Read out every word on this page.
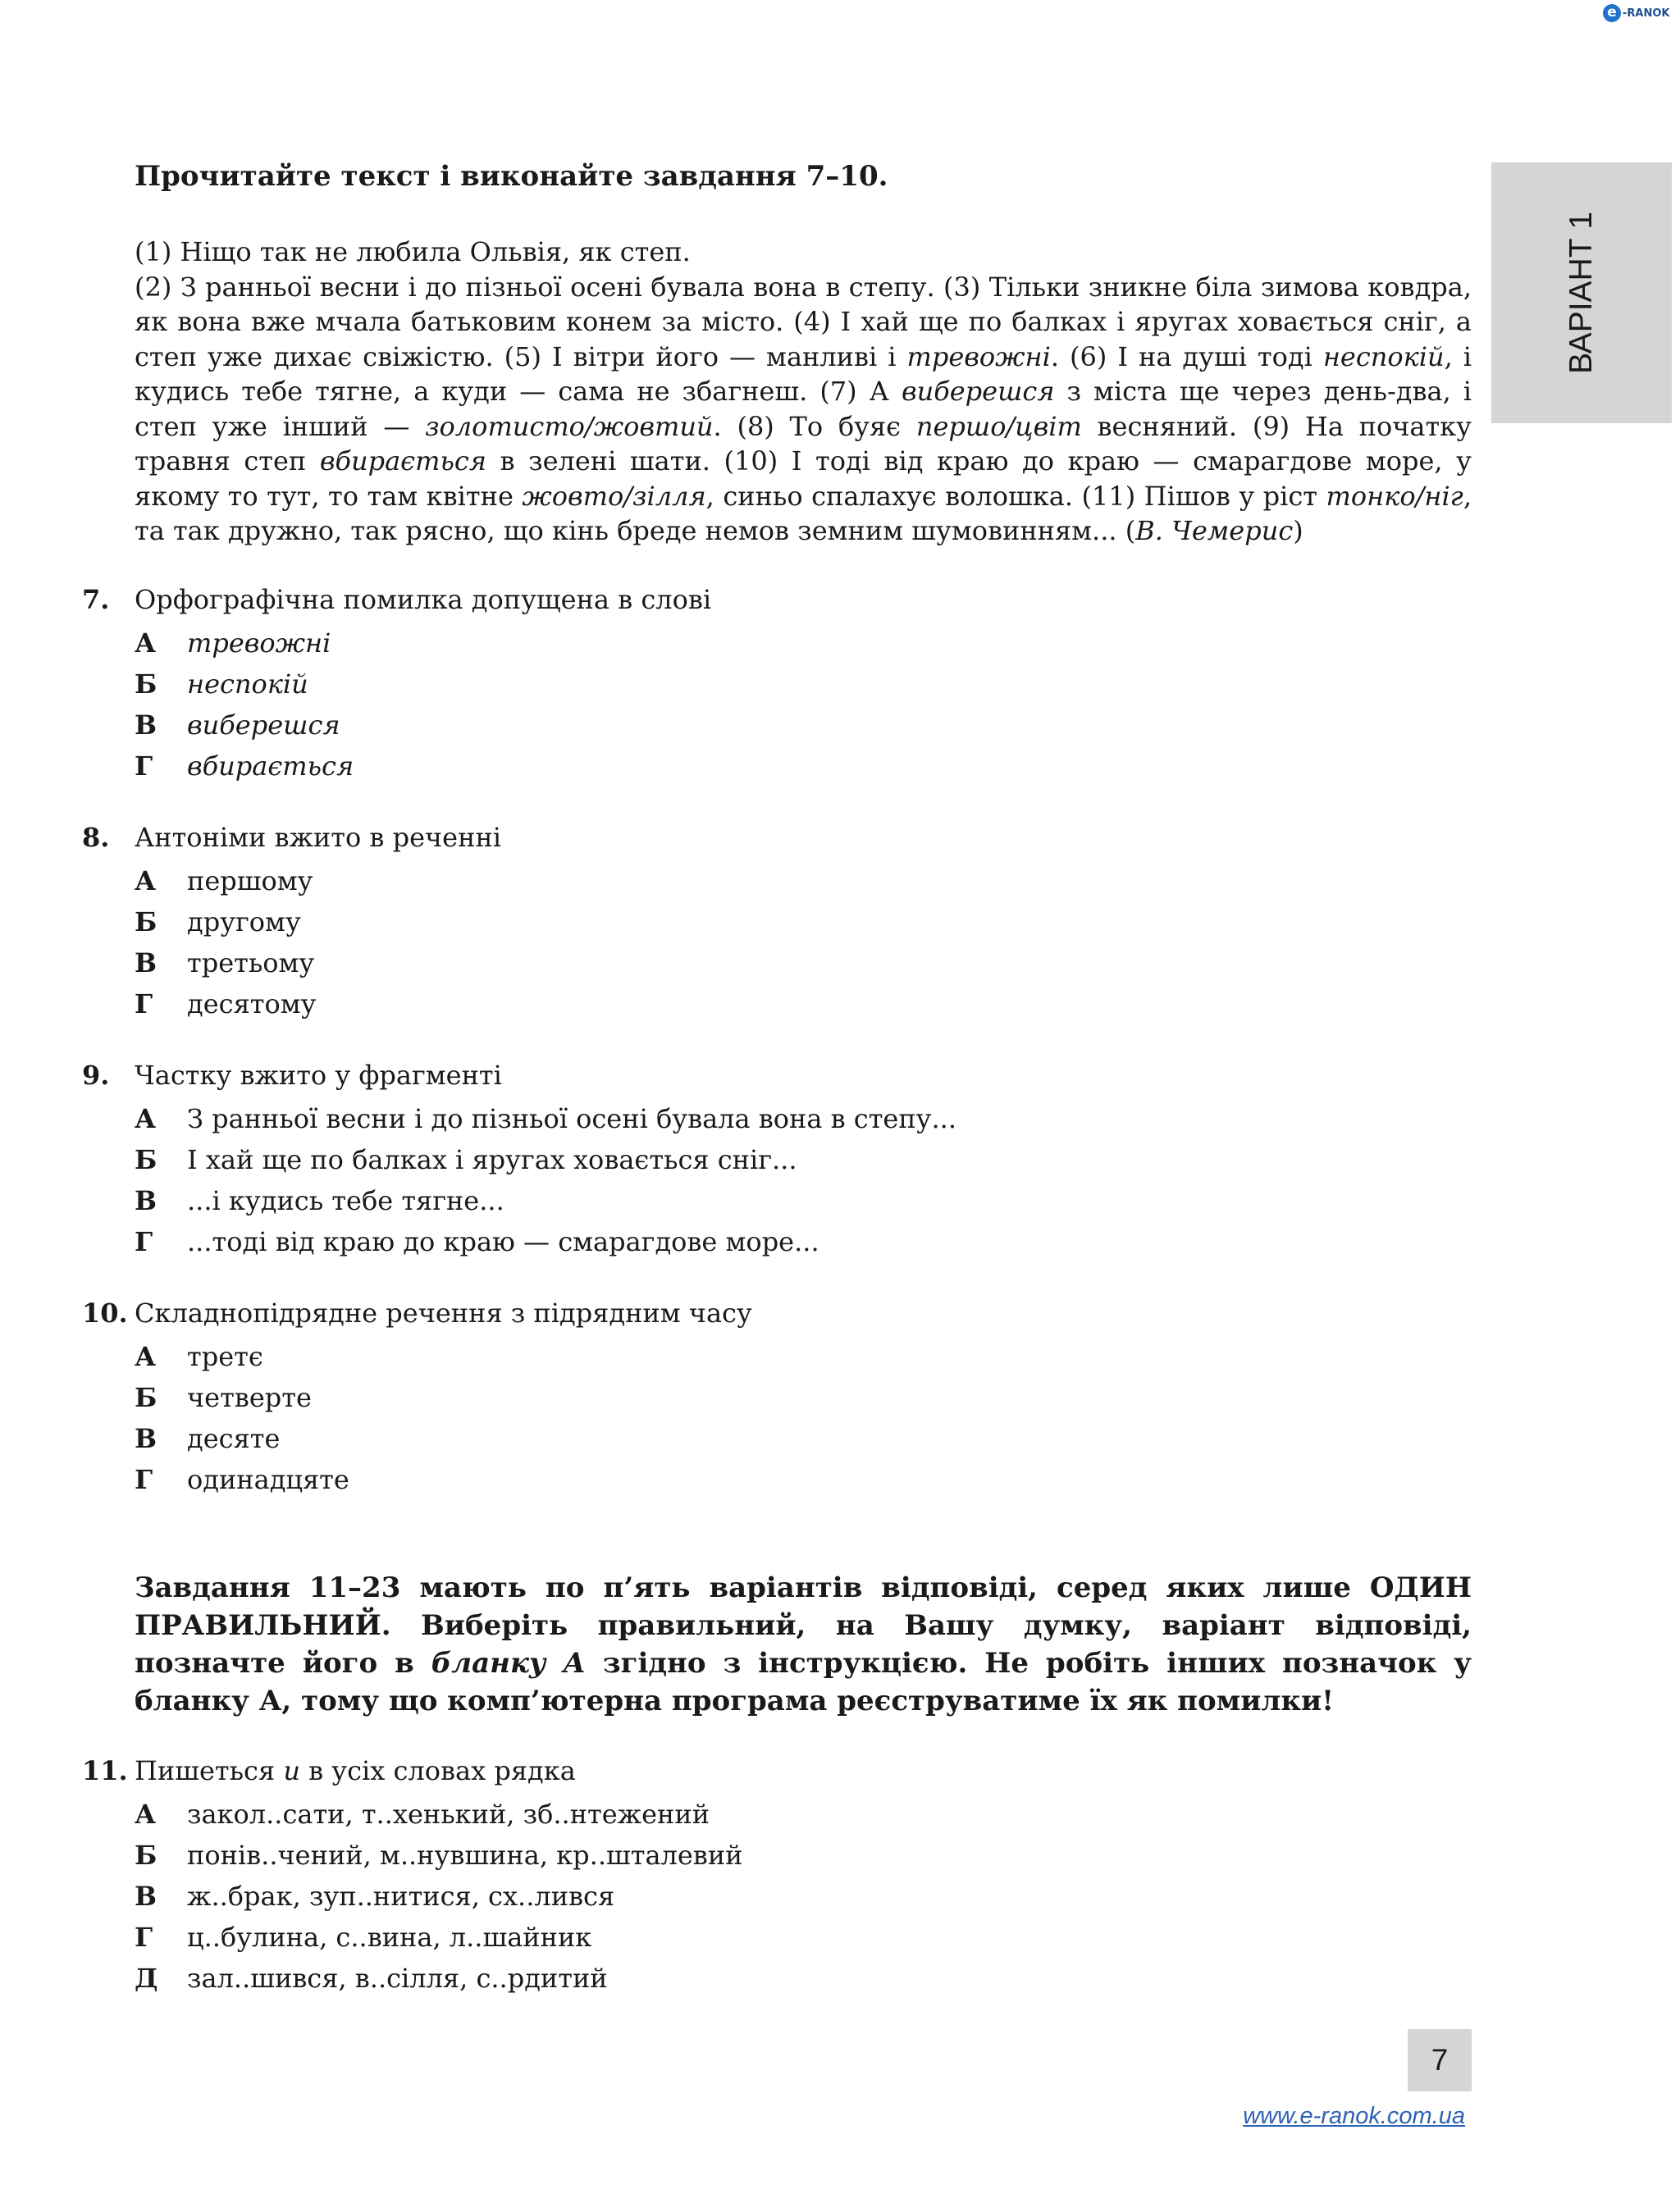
e -RANOK
ВАРІАНТ 1
Прочитайте текст і виконайте завдання 7–10.

(1) Ніщо так не любила Ольвія, як степ.

(2) З ранньої весни і до пізньої осені бувала вона в степу. (3) Тільки зникне біла зимова ковдра, як вона вже мчала батьковим конем за місто. (4) І хай ще по балках і яругах ховається сніг, а степ уже дихає свіжістю. (5) І вітри його — манливі і тревожні. (6) І на душі тоді неспокій, і кудись тебе тягне, а куди — сама не збагнеш. (7) А виберешся з міста ще через день-два, і степ уже інший — золотисто/жовтий. (8) То буяє першо/цвіт весняний. (9) На початку травня степ вбирається в зелені шати. (10) І тоді від краю до краю — смарагдове море, у якому то тут, то там квітне жовто/зілля, синьо спалахує волошка. (11) Пішов у ріст тонко/ніг, та так дружно, так рясно, що кінь бреде немов земним шумовинням... (В. Чемерис)

7. Орфографічна помилка допущена в слові
А	тревожні
Б	неспокій
В	виберешся
Г	вбирається
8. Антоніми вжито в реченні
А	першому
Б	другому
В	третьому
Г	десятому
9. Частку вжито у фрагменті
А	З ранньої весни і до пізньої осені бувала вона в степу...
Б	І хай ще по балках і яругах ховається сніг...
В	...і кудись тебе тягне...
Г	...тоді від краю до краю — смарагдове море...
10. Складнопідрядне речення з підрядним часу
А	третє
Б	четверте
В	десяте
Г	одинадцяте
Завдання 11–23 мають по п’ять варіантів відповіді, серед яких лише ОДИН ПРАВИЛЬНИЙ. Виберіть правильний, на Вашу думку, варіант відповіді, позначте його в бланку А згідно з інструкцією. Не робіть інших позначок у бланку А, тому що комп’ютерна програма реєструватиме їх як помилки!
11. Пишеться и в усіх словах рядка
А	закол..сати, т..хенький, зб..нтежений
Б	понів..чений, м..нувшина, кр..шталевий
В	ж..брак, зуп..нитися, сх..лився
Г	ц..булина, с..вина, л..шайник
Д	зал..шився, в..сілля, с..рдитий
7
www.e-ranok.com.ua
